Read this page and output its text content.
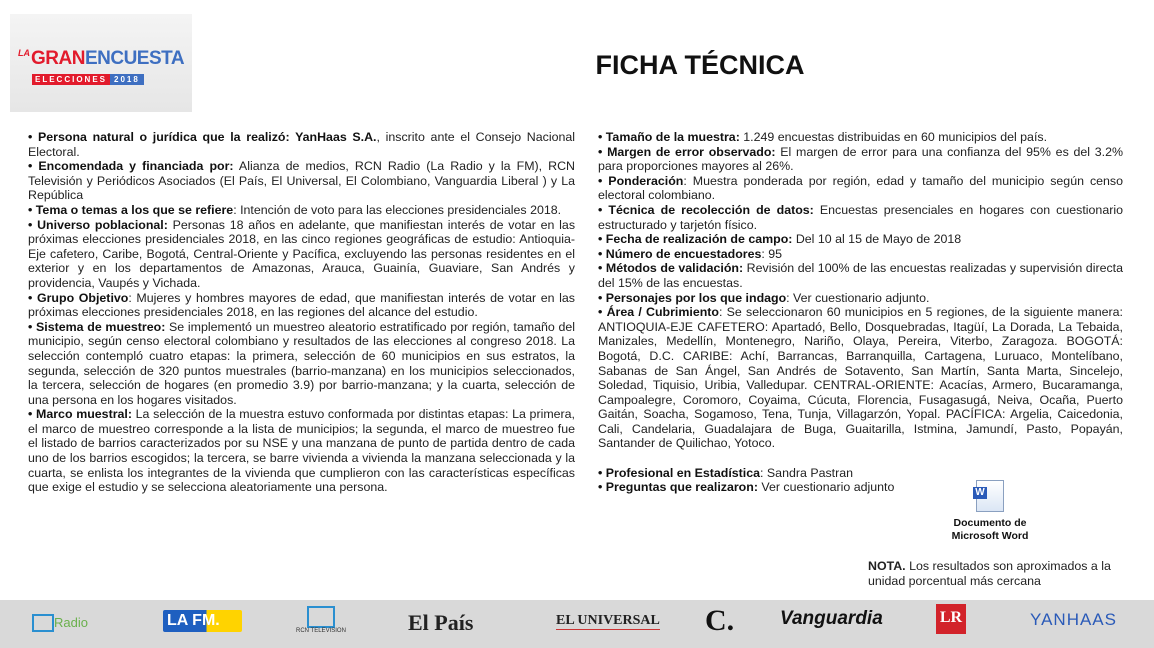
LA GRAN ENCUESTA
ELECCIONES 2018	FICHA TÉCNICA

• Persona natural o jurídica que la realizó: YanHaas S.A., inscrito ante el Consejo Nacional Electoral.

• Encomendada y financiada por: Alianza de medios, RCN Radio (La Radio y la FM), RCN Televisión y Periódicos Asociados (El País, El Universal, El Colombiano, Vanguardia Liberal ) y La República

• Tema o temas a los que se refiere: Intención de voto para las elecciones presidenciales 2018.

• Universo poblacional: Personas 18 años en adelante, que manifiestan interés de votar en las próximas elecciones presidenciales 2018, en las cinco regiones geográficas de estudio: Antioquia-Eje cafetero, Caribe, Bogotá, Central-Oriente y Pacífica, excluyendo las personas residentes en el exterior y en los departamentos de Amazonas, Arauca, Guainía, Guaviare, San Andrés y providencia, Vaupés y Vichada.

• Grupo Objetivo: Mujeres y hombres mayores de edad, que manifiestan interés de votar en las próximas elecciones presidenciales 2018, en las regiones del alcance del estudio.

• Sistema de muestreo: Se implementó un muestreo aleatorio estratificado por región, tamaño del municipio, según censo electoral colombiano y resultados de las elecciones al congreso 2018. La selección contempló cuatro etapas: la primera, selección de 60 municipios en sus estratos, la segunda, selección de 320 puntos muestrales (barrio-manzana) en los municipios seleccionados, la tercera, selección de hogares (en promedio 3.9) por barrio-manzana; y la cuarta, selección de una persona en los hogares visitados.

• Marco muestral: La selección de la muestra estuvo conformada por distintas etapas: La primera, el marco de muestreo corresponde a la lista de municipios; la segunda, el marco de muestreo fue el listado de barrios caracterizados por su NSE y una manzana de punto de partida dentro de cada uno de los barrios escogidos; la tercera, se barre vivienda a vivienda la manzana seleccionada y la cuarta, se enlista los integrantes de la vivienda que cumplieron con las características específicas que exige el estudio y se selecciona aleatoriamente una persona.

• Tamaño de la muestra: 1.249 encuestas distribuidas en 60 municipios del país.

• Margen de error observado: El margen de error para una confianza del 95% es del 3.2% para proporciones mayores al 26%.

• Ponderación: Muestra ponderada por región, edad y tamaño del municipio según censo electoral colombiano.

• Técnica de recolección de datos: Encuestas presenciales en hogares con cuestionario estructurado y tarjetón físico.

• Fecha de realización de campo: Del 10 al 15 de Mayo de 2018

• Número de encuestadores: 95

• Métodos de validación: Revisión del 100% de las encuestas realizadas y supervisión directa del 15% de las encuestas.

• Personajes por los que indago: Ver cuestionario adjunto.

• Área / Cubrimiento: Se seleccionaron 60 municipios en 5 regiones, de la siguiente manera: ANTIOQUIA-EJE CAFETERO: Apartadó, Bello, Dosquebradas, Itagüí, La Dorada, La Tebaida, Manizales, Medellín, Montenegro, Nariño, Olaya, Pereira, Viterbo, Zaragoza. BOGOTÁ: Bogotá, D.C. CARIBE: Achí, Barrancas, Barranquilla, Cartagena, Luruaco, Montelíbano, Sabanas de San Ángel, San Andrés de Sotavento, San Martín, Santa Marta, Sincelejo, Soledad, Tiquisio, Uribia, Valledupar. CENTRAL-ORIENTE: Acacías, Armero, Bucaramanga, Campoalegre, Coromoro, Coyaima, Cúcuta, Florencia, Fusagasugá, Neiva, Ocaña, Puerto Gaitán, Soacha, Sogamoso, Tena, Tunja, Villagarzón, Yopal. PACÍFICA: Argelia, Caicedonia, Cali, Candelaria, Guadalajara de Buga, Guaitarilla, Istmina, Jamundí, Pasto, Popayán, Santander de Quilichao, Yotoco.

• Profesional en Estadística: Sandra Pastran

• Preguntas que realizaron: Ver cuestionario adjunto	W
Documento de
Microsoft Word
NOTA. Los resultados son aproximados a la unidad porcentual más cercana
Radio	LA FM.
RCN TELEVISION	El País	EL UNIVERSAL C. Vanguardia	LR	YANHAAS
